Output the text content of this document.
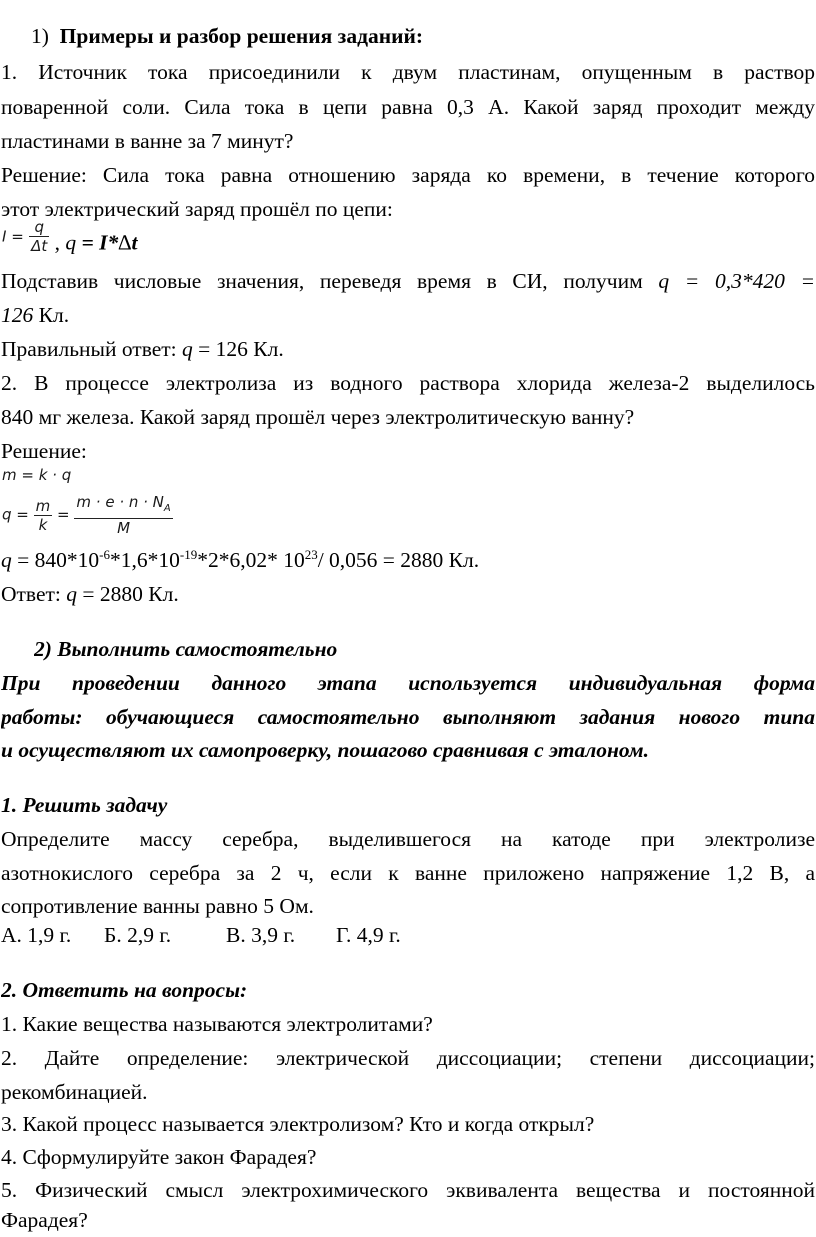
1) Примеры и разбор решения заданий:
1. Источник тока присоединили к двум пластинам, опущенным в раствор
поваренной соли. Сила тока в цепи равна 0,3 А. Какой заряд проходит между
пластинами в ванне за 7 минут?
Решение: Сила тока равна отношению заряда ко времени, в течение которого
этот электрический заряд прошёл по цепи:
$I = \frac{q}{\Delta t}$ , q = I*∆t
Подставив числовые значения, переведя время в СИ, получим q = 0,3*420 =
126 Кл.
Правильный ответ: q = 126 Кл.
2. В процессе электролиза из водного раствора хлорида железа-2 выделилось
840 мг железа. Какой заряд прошёл через электролитическую ванну?
Решение:
m = k · q
$q = \frac{m}{k} = \frac{m \cdot e \cdot n \cdot N_A}{M}$
$q = 840*10^{-6}*1,6*10^{-19}*2*6,02*$ $10^{23}/$ 0,056 = 2880 Кл.
Ответ: q = 2880 Кл.
2) Выполнить самостоятельно
При проведении данного этапа используется индивидуальная форма
работы: обучающиеся самостоятельно выполняют задания нового типа
и осуществляют их самопроверку, пошагово сравнивая с эталоном.
1. Решить задачу
Определите массу серебра, выделившегося на катоде при электролизе
азотнокислого серебра за 2 ч, если к ванне приложено напряжение 1,2 В, а
сопротивление ванны равно 5 Ом.
А. 1,9 г. Б. 2,9 г.	В. 3,9 г. Г. 4,9 г.
2. Ответить на вопросы:
1. Какие вещества называются электролитами?
2. Дайте определение: электрической диссоциации; степени диссоциации;
рекомбинацией.
3. Какой процесс называется электролизом? Кто и когда открыл?
4. Сформулируйте закон Фарадея?
5. Физический смысл электрохимического эквивалента вещества и постоянной
Фарадея?
